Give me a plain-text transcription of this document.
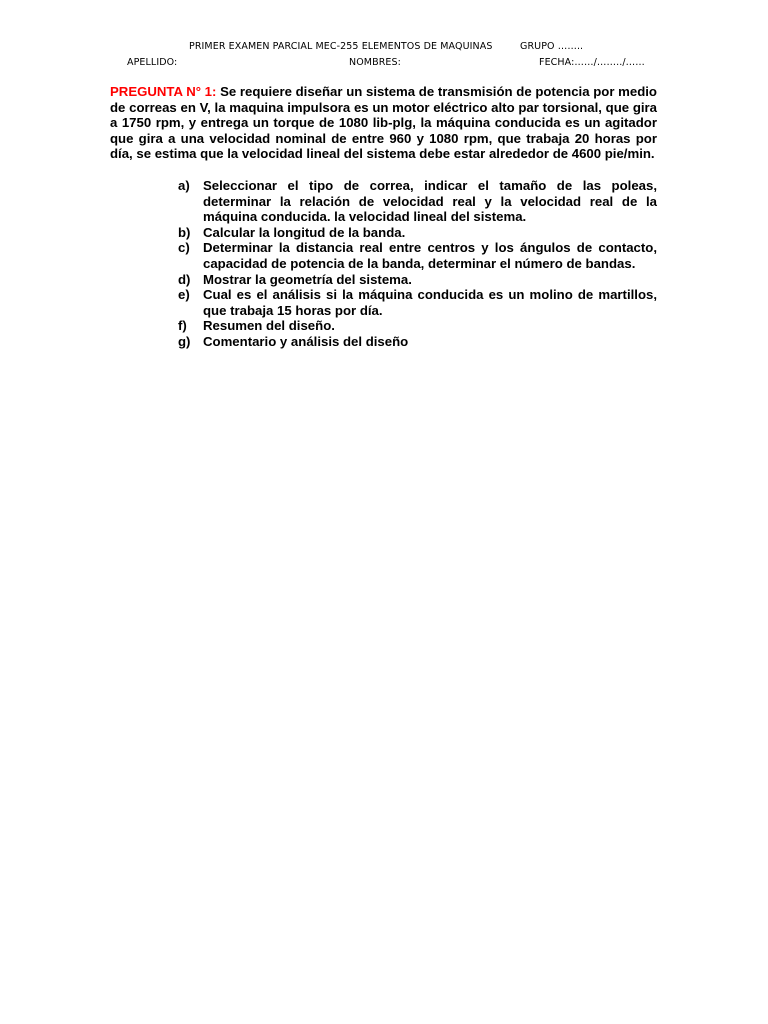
PRIMER EXAMEN PARCIAL MEC-255 ELEMENTOS DE MAQUINAS	GRUPO ……..
APELLIDO:	NOMBRES:	FECHA:……/……../……
PREGUNTA N° 1: Se requiere diseñar un sistema de transmisión de potencia por medio de correas en V, la maquina impulsora es un motor eléctrico alto par torsional, que gira a 1750 rpm, y entrega un torque de 1080 lib-plg, la máquina conducida es un agitador que gira a una velocidad nominal de entre 960 y 1080 rpm, que trabaja 20 horas por día, se estima que la velocidad lineal del sistema debe estar alrededor de 4600 pie/min.
a)	Seleccionar el tipo de correa, indicar el tamaño de las poleas, determinar la relación de velocidad real y la velocidad real de la máquina conducida. la velocidad lineal del sistema.
b) Calcular la longitud de la banda.
c)	Determinar la distancia real entre centros y los ángulos de contacto, capacidad de potencia de la banda, determinar el número de bandas.
d) Mostrar la geometría del sistema.
e)	Cual es el análisis si la máquina conducida es un molino de martillos, que trabaja 15 horas por día.
f)	Resumen del diseño.
g) Comentario y análisis del diseño
